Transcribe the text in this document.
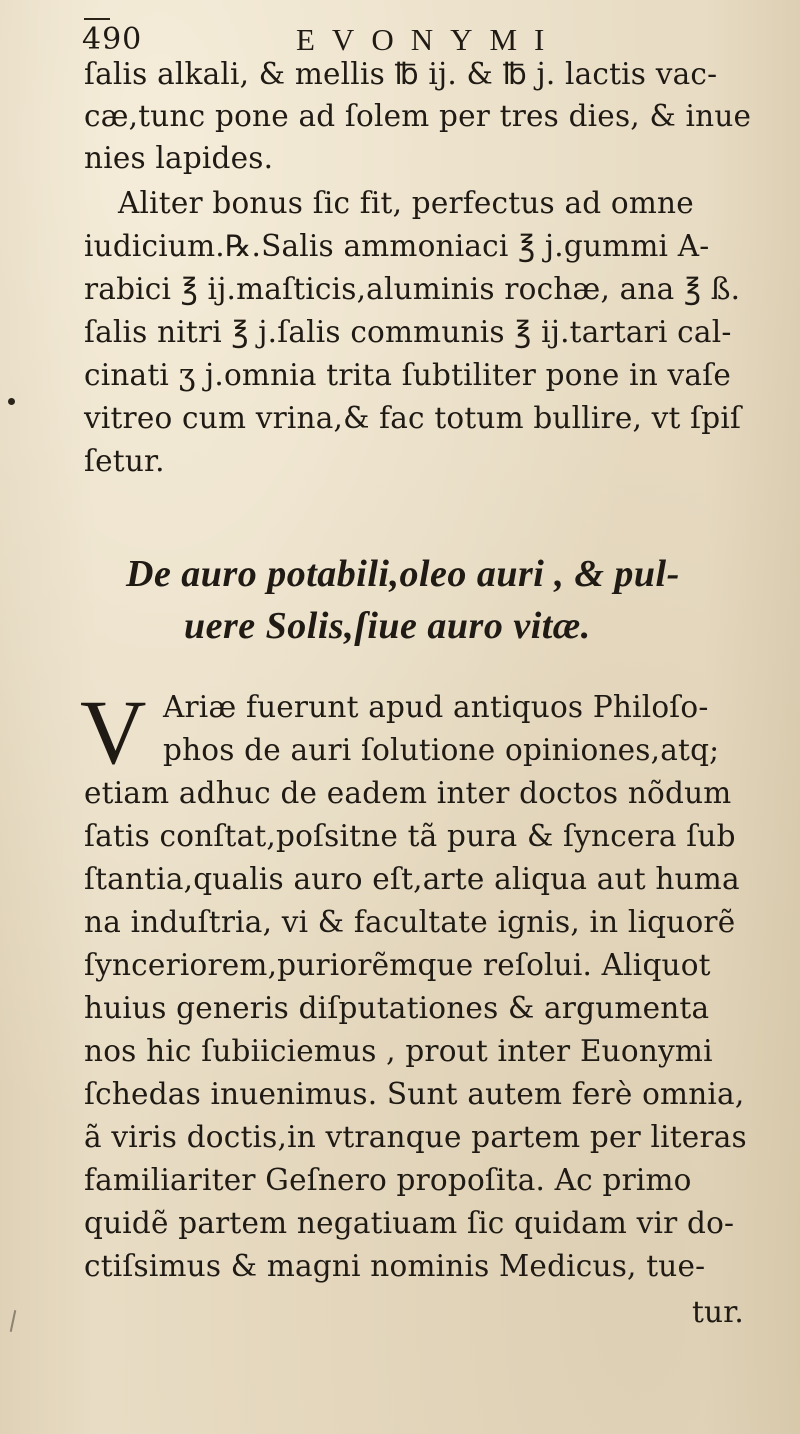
490	EVONYMI
ſalis alkali, & mellis ℔ ij. & ℔ j. lactis vac-
cæ,tunc pone ad ſolem per tres dies, & inue
nies lapides.
Aliter bonus ſic fit, perfectus ad omne
iudicium.℞.Salis ammoniaci ℥ j.gummi A-
rabici ℥ ij.maſticis,aluminis rochæ, ana ℥ ß.
ſalis nitri ℥ j.ſalis communis ℥ ij.tartari cal-
cinati ʒ j.omnia trita ſubtiliter pone in vaſe
vitreo cum vrina,& fac totum bullire, vt ſpiſ
ſetur.
De auro potabili,oleo auri , & pul-
uere Solis,ſiue auro vitæ.
V Ariæ fuerunt apud antiquos Philoſo-
phos de auri ſolutione opiniones,atq;
etiam adhuc de eadem inter doctos nõdum
ſatis conſtat,poſsitne tã pura & ſyncera ſub
ſtantia,qualis auro eſt,arte aliqua aut huma
na induſtria, vi & facultate ignis, in liquorẽ
ſynceriorem,puriorẽmque reſolui. Aliquot
huius generis diſputationes & argumenta
nos hic ſubiiciemus , prout inter Euonymi
ſchedas inuenimus. Sunt autem ferè omnia,
ã viris doctis,in vtranque partem per literas
familiariter Geſnero propoſita. Ac primo
quidẽ partem negatiuam ſic quidam vir do-
ctiſsimus & magni nominis Medicus, tue-
tur.
